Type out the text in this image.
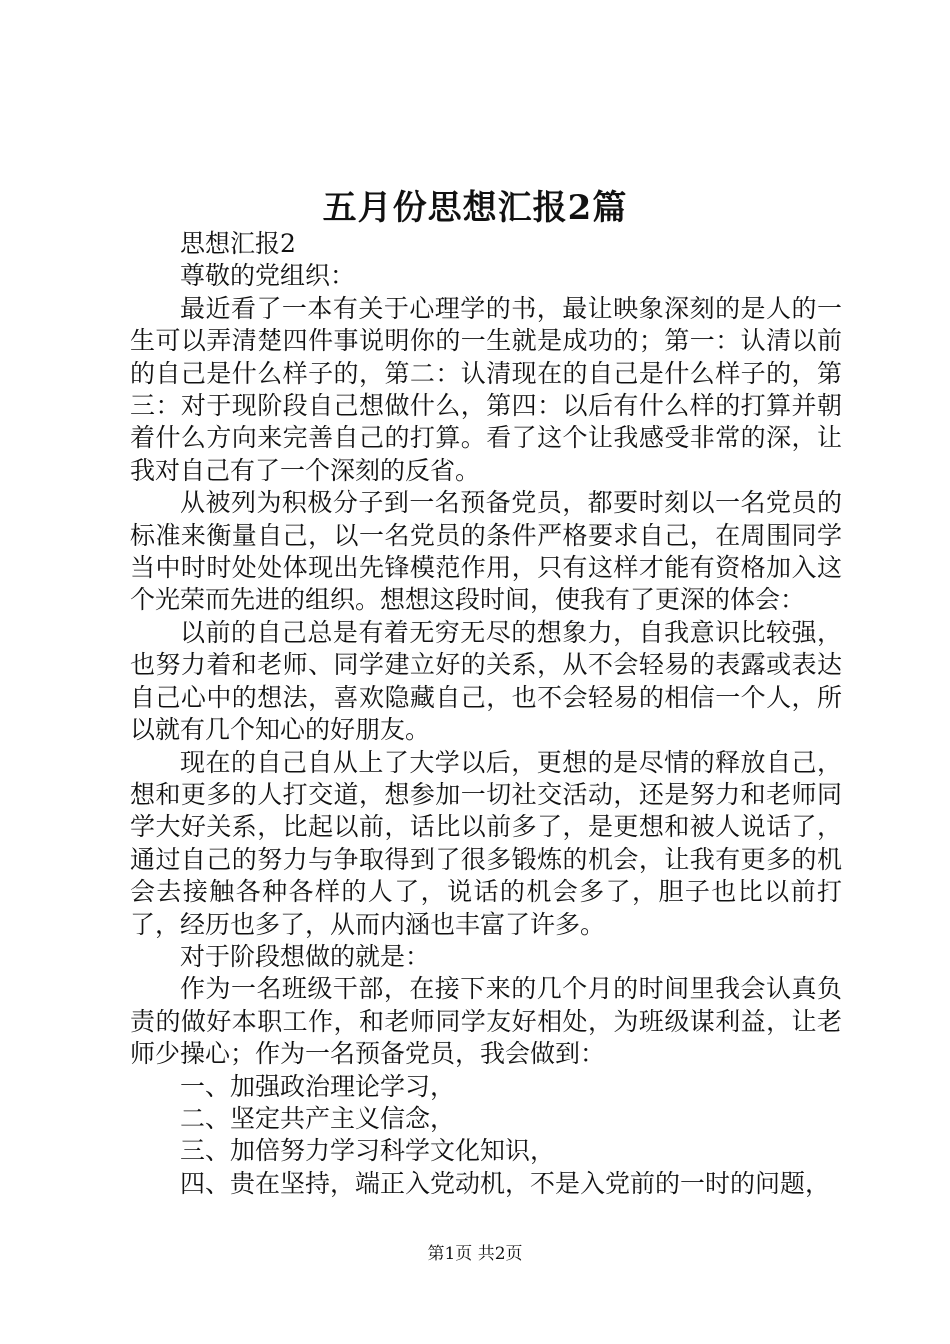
五月份思想汇报2篇

思想汇报2

尊敬的党组织：

最近看了一本有关于心理学的书，最让映象深刻的是人的一生可以弄清楚四件事说明你的一生就是成功的；第一：认清以前的自己是什么样子的，第二：认清现在的自己是什么样子的，第三：对于现阶段自己想做什么，第四：以后有什么样的打算并朝着什么方向来完善自己的打算。看了这个让我感受非常的深，让我对自己有了一个深刻的反省。

从被列为积极分子到一名预备党员，都要时刻以一名党员的标准来衡量自己，以一名党员的条件严格要求自己，在周围同学当中时时处处体现出先锋模范作用，只有这样才能有资格加入这个光荣而先进的组织。想想这段时间，使我有了更深的体会：

以前的自己总是有着无穷无尽的想象力，自我意识比较强，也努力着和老师、同学建立好的关系，从不会轻易的表露或表达自己心中的想法，喜欢隐藏自己，也不会轻易的相信一个人，所以就有几个知心的好朋友。

现在的自己自从上了大学以后，更想的是尽情的释放自己，想和更多的人打交道，想参加一切社交活动，还是努力和老师同学大好关系，比起以前，话比以前多了，是更想和被人说话了，通过自己的努力与争取得到了很多锻炼的机会，让我有更多的机会去接触各种各样的人了，说话的机会多了，胆子也比以前打了，经历也多了，从而内涵也丰富了许多。

对于阶段想做的就是：

作为一名班级干部，在接下来的几个月的时间里我会认真负责的做好本职工作，和老师同学友好相处，为班级谋利益，让老师少操心；作为一名预备党员，我会做到：

一、加强政治理论学习，

二、坚定共产主义信念，

三、加倍努力学习科学文化知识，

四、贵在坚持，端正入党动机，不是入党前的一时的问题，

第1页 共2页
